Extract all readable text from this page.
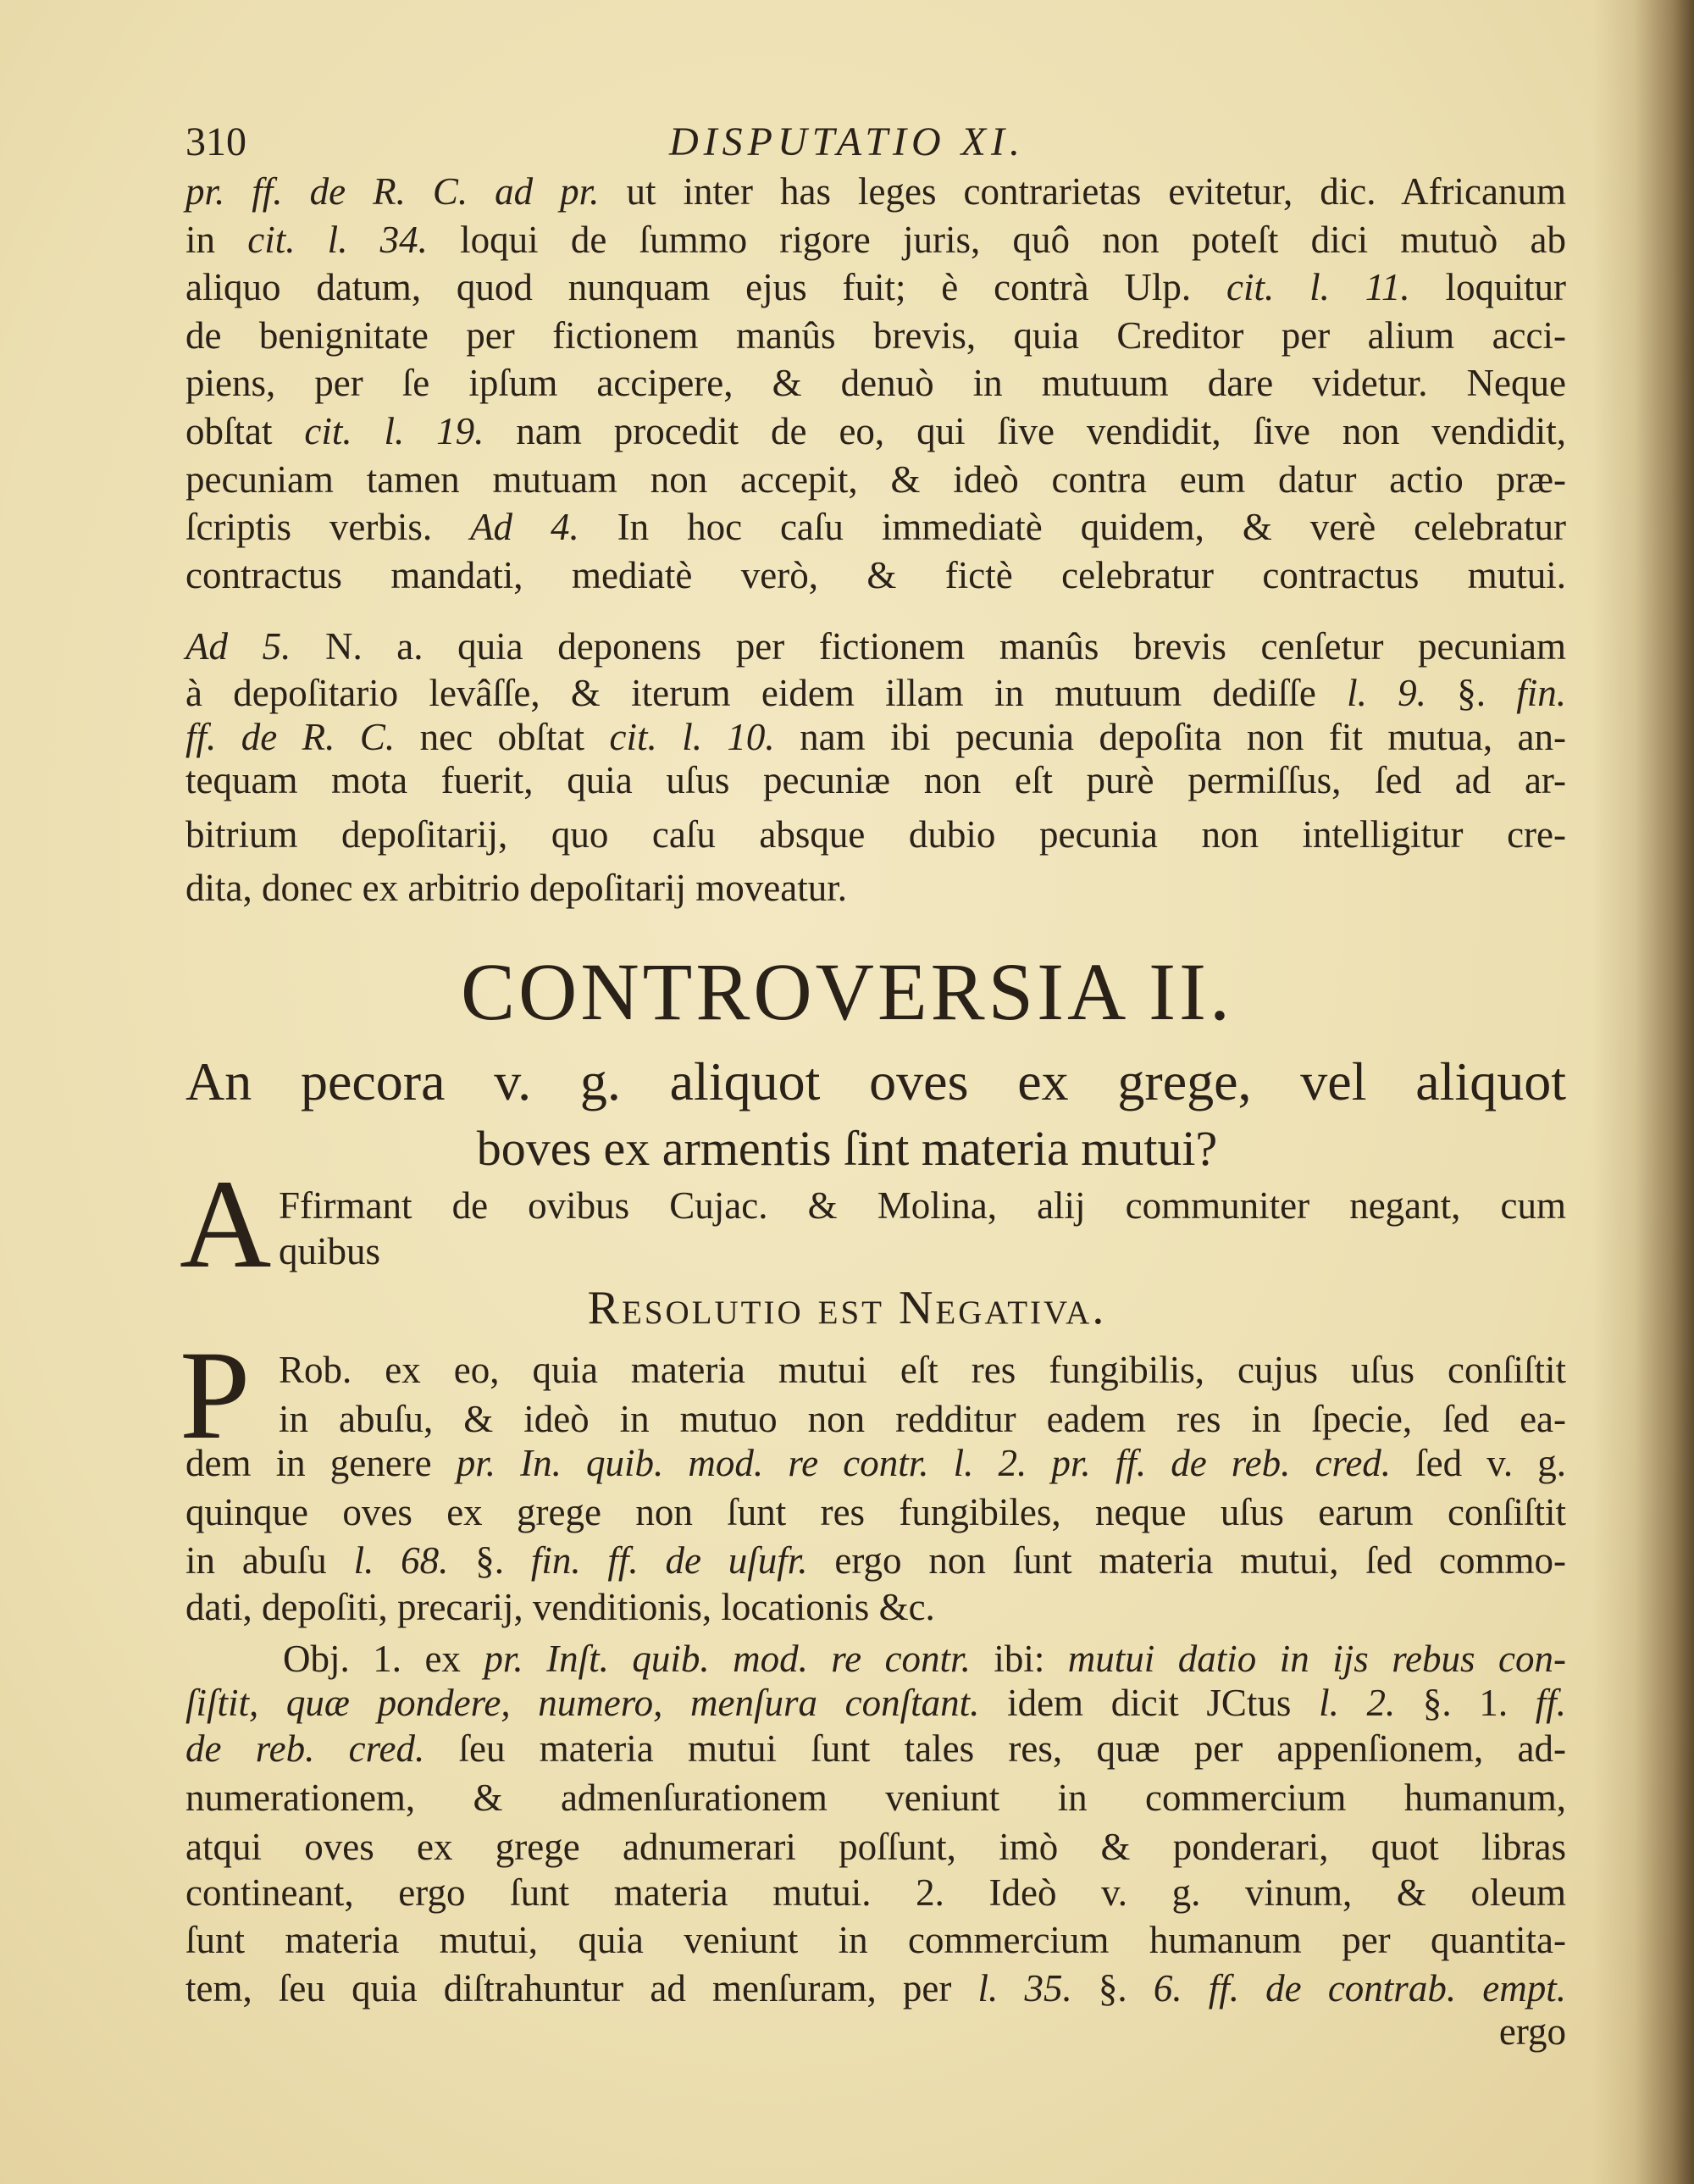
310	DISPUTATIO XI.
pr. ff. de R. C. ad pr. ut inter has leges contrarietas evitetur, dic. Africanum
in cit. l. 34. loqui de ſummo rigore juris, quô non poteſt dici mutuò ab
aliquo datum, quod nunquam ejus fuit; è contrà Ulp. cit. l. 11. loquitur
de benignitate per fictionem manûs brevis, quia Creditor per alium acci-
piens, per ſe ipſum accipere, & denuò in mutuum dare videtur. Neque
obſtat cit. l. 19. nam procedit de eo, qui ſive vendidit, ſive non vendidit,
pecuniam tamen mutuam non accepit, & ideò contra eum datur actio præ-
ſcriptis verbis. Ad 4. In hoc caſu immediatè quidem, & verè celebratur
contractus mandati, mediatè verò, & fictè celebratur contractus mutui.
Ad 5. N. a. quia deponens per fictionem manûs brevis cenſetur pecuniam
à depoſitario levâſſe, & iterum eidem illam in mutuum dediſſe l. 9. §. fin.
ff. de R. C. nec obſtat cit. l. 10. nam ibi pecunia depoſita non fit mutua, an-
tequam mota fuerit, quia uſus pecuniæ non eſt purè permiſſus, ſed ad ar-
bitrium depoſitarij, quo caſu absque dubio pecunia non intelligitur cre-
dita, donec ex arbitrio depoſitarij moveatur.
CONTROVERSIA II.
An pecora v. g. aliquot oves ex grege, vel aliquot
boves ex armentis ſint materia mutui?
A Ffirmant de ovibus Cujac. & Molina, alij communiter negant, cum
quibus
Resolutio est Negativa.
P Rob. ex eo, quia materia mutui eſt res fungibilis, cujus uſus conſiſtit
in abuſu, & ideò in mutuo non redditur eadem res in ſpecie, ſed ea-
dem in genere pr. In. quib. mod. re contr. l. 2. pr. ff. de reb. cred. ſed v. g.
quinque oves ex grege non ſunt res fungibiles, neque uſus earum conſiſtit
in abuſu l. 68. §. fin. ff. de uſufr. ergo non ſunt materia mutui, ſed commo-
dati, depoſiti, precarij, venditionis, locationis &c.
Obj. 1. ex pr. Inſt. quib. mod. re contr. ibi: mutui datio in ijs rebus con-
ſiſtit, quæ pondere, numero, menſura conſtant. idem dicit JCtus l. 2. §. 1. ff.
de reb. cred. ſeu materia mutui ſunt tales res, quæ per appenſionem, ad-
numerationem, & admenſurationem veniunt in commercium humanum,
atqui oves ex grege adnumerari poſſunt, imò & ponderari, quot libras
contineant, ergo ſunt materia mutui. 2. Ideò v. g. vinum, & oleum
ſunt materia mutui, quia veniunt in commercium humanum per quantita-
tem, ſeu quia diſtrahuntur ad menſuram, per l. 35. §. 6. ff. de contrab. empt.
ergo
